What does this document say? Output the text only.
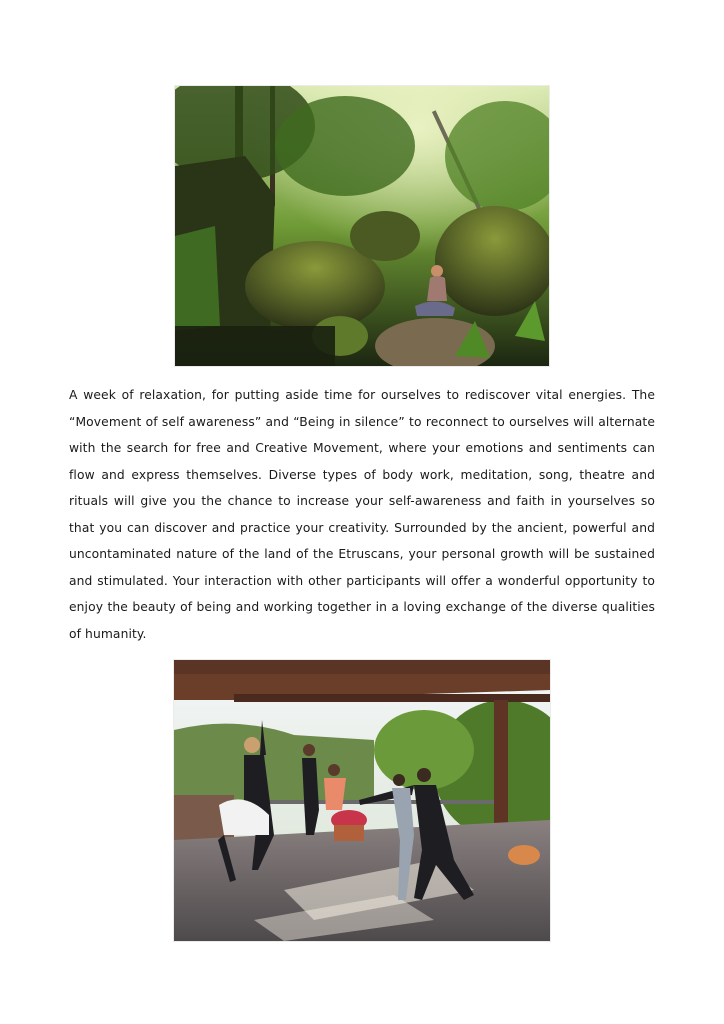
A week of relaxation, for putting aside time for ourselves to rediscover vital energies. The “Movement of self awareness” and “Being in silence” to reconnect to ourselves will alternate with the search for free and Creative Movement, where your emotions and sentiments can flow and express themselves. Diverse types of body work, meditation, song, theatre and rituals will give you the chance to increase your self-awareness and faith in yourselves so that you can discover and practice your creativity. Surrounded by the ancient, powerful and uncontaminated nature of the land of the Etruscans, your personal growth will be sustained and stimulated. Your interaction with other participants will offer a wonderful opportunity to enjoy the beauty of being and working together in a loving exchange of the diverse qualities of humanity.
